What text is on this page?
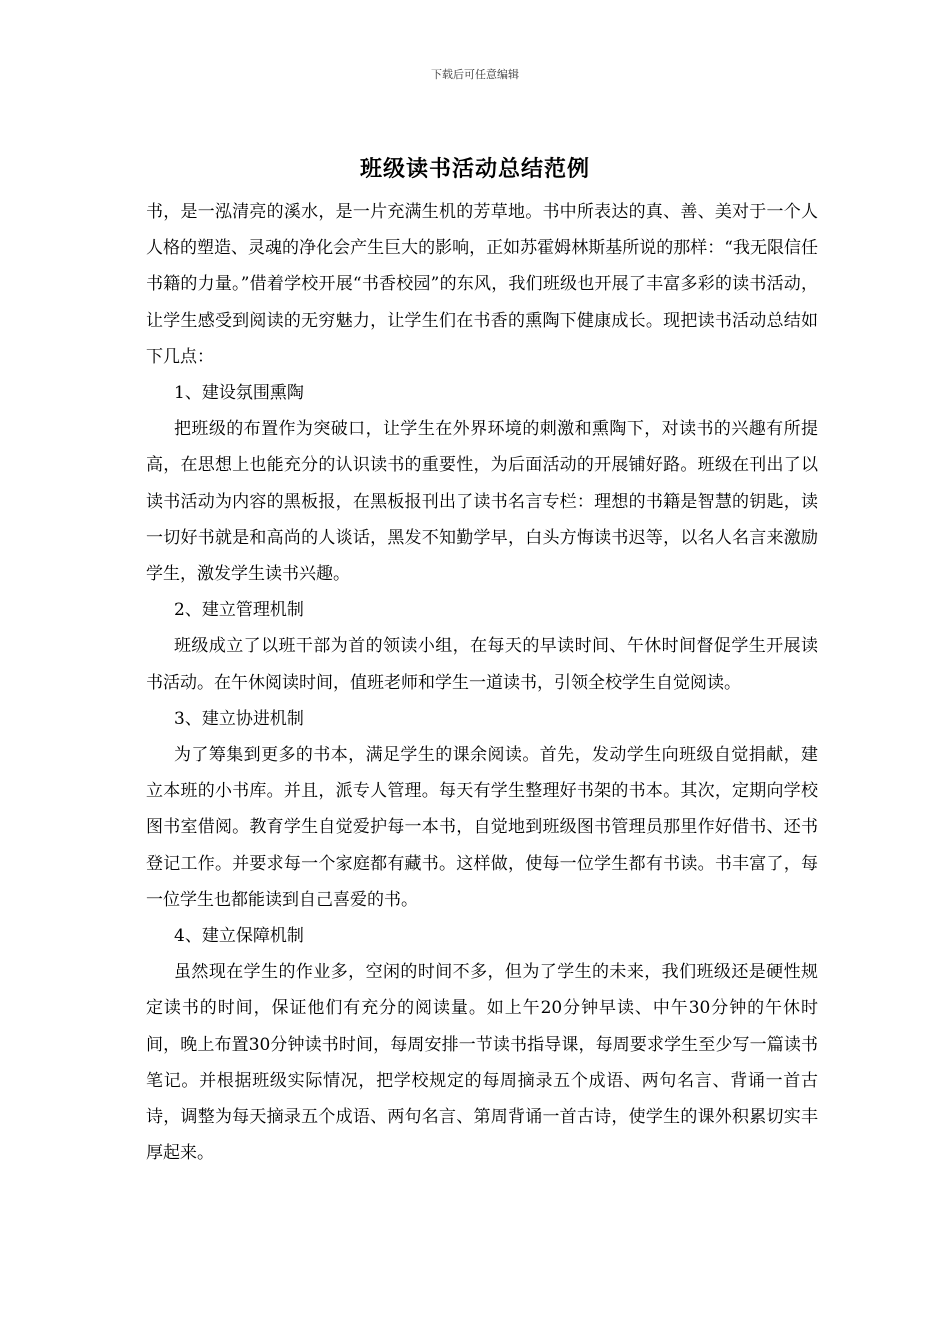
下载后可任意编辑
班级读书活动总结范例

书，是一泓清亮的溪水，是一片充满生机的芳草地。书中所表达的真、善、美对于一个人人格的塑造、灵魂的净化会产生巨大的影响，正如苏霍姆林斯基所说的那样：“我无限信任书籍的力量。”借着学校开展“书香校园”的东风，我们班级也开展了丰富多彩的读书活动，让学生感受到阅读的无穷魅力，让学生们在书香的熏陶下健康成长。现把读书活动总结如下几点：

1、建设氛围熏陶

把班级的布置作为突破口，让学生在外界环境的刺激和熏陶下，对读书的兴趣有所提高，在思想上也能充分的认识读书的重要性，为后面活动的开展铺好路。班级在刊出了以读书活动为内容的黑板报，在黑板报刊出了读书名言专栏：理想的书籍是智慧的钥匙，读一切好书就是和高尚的人谈话，黑发不知勤学早，白头方悔读书迟等，以名人名言来激励学生，激发学生读书兴趣。

2、建立管理机制

班级成立了以班干部为首的领读小组，在每天的早读时间、午休时间督促学生开展读书活动。在午休阅读时间，值班老师和学生一道读书，引领全校学生自觉阅读。

3、建立协进机制

为了筹集到更多的书本，满足学生的课余阅读。首先，发动学生向班级自觉捐献，建立本班的小书库。并且，派专人管理。每天有学生整理好书架的书本。其次，定期向学校图书室借阅。教育学生自觉爱护每一本书，自觉地到班级图书管理员那里作好借书、还书登记工作。并要求每一个家庭都有藏书。这样做，使每一位学生都有书读。书丰富了，每一位学生也都能读到自己喜爱的书。

4、建立保障机制

虽然现在学生的作业多，空闲的时间不多，但为了学生的未来，我们班级还是硬性规定读书的时间，保证他们有充分的阅读量。如上午20分钟早读、中午30分钟的午休时间，晚上布置30分钟读书时间，每周安排一节读书指导课，每周要求学生至少写一篇读书笔记。并根据班级实际情况，把学校规定的每周摘录五个成语、两句名言、背诵一首古诗，调整为每天摘录五个成语、两句名言、第周背诵一首古诗，使学生的课外积累切实丰厚起来。
